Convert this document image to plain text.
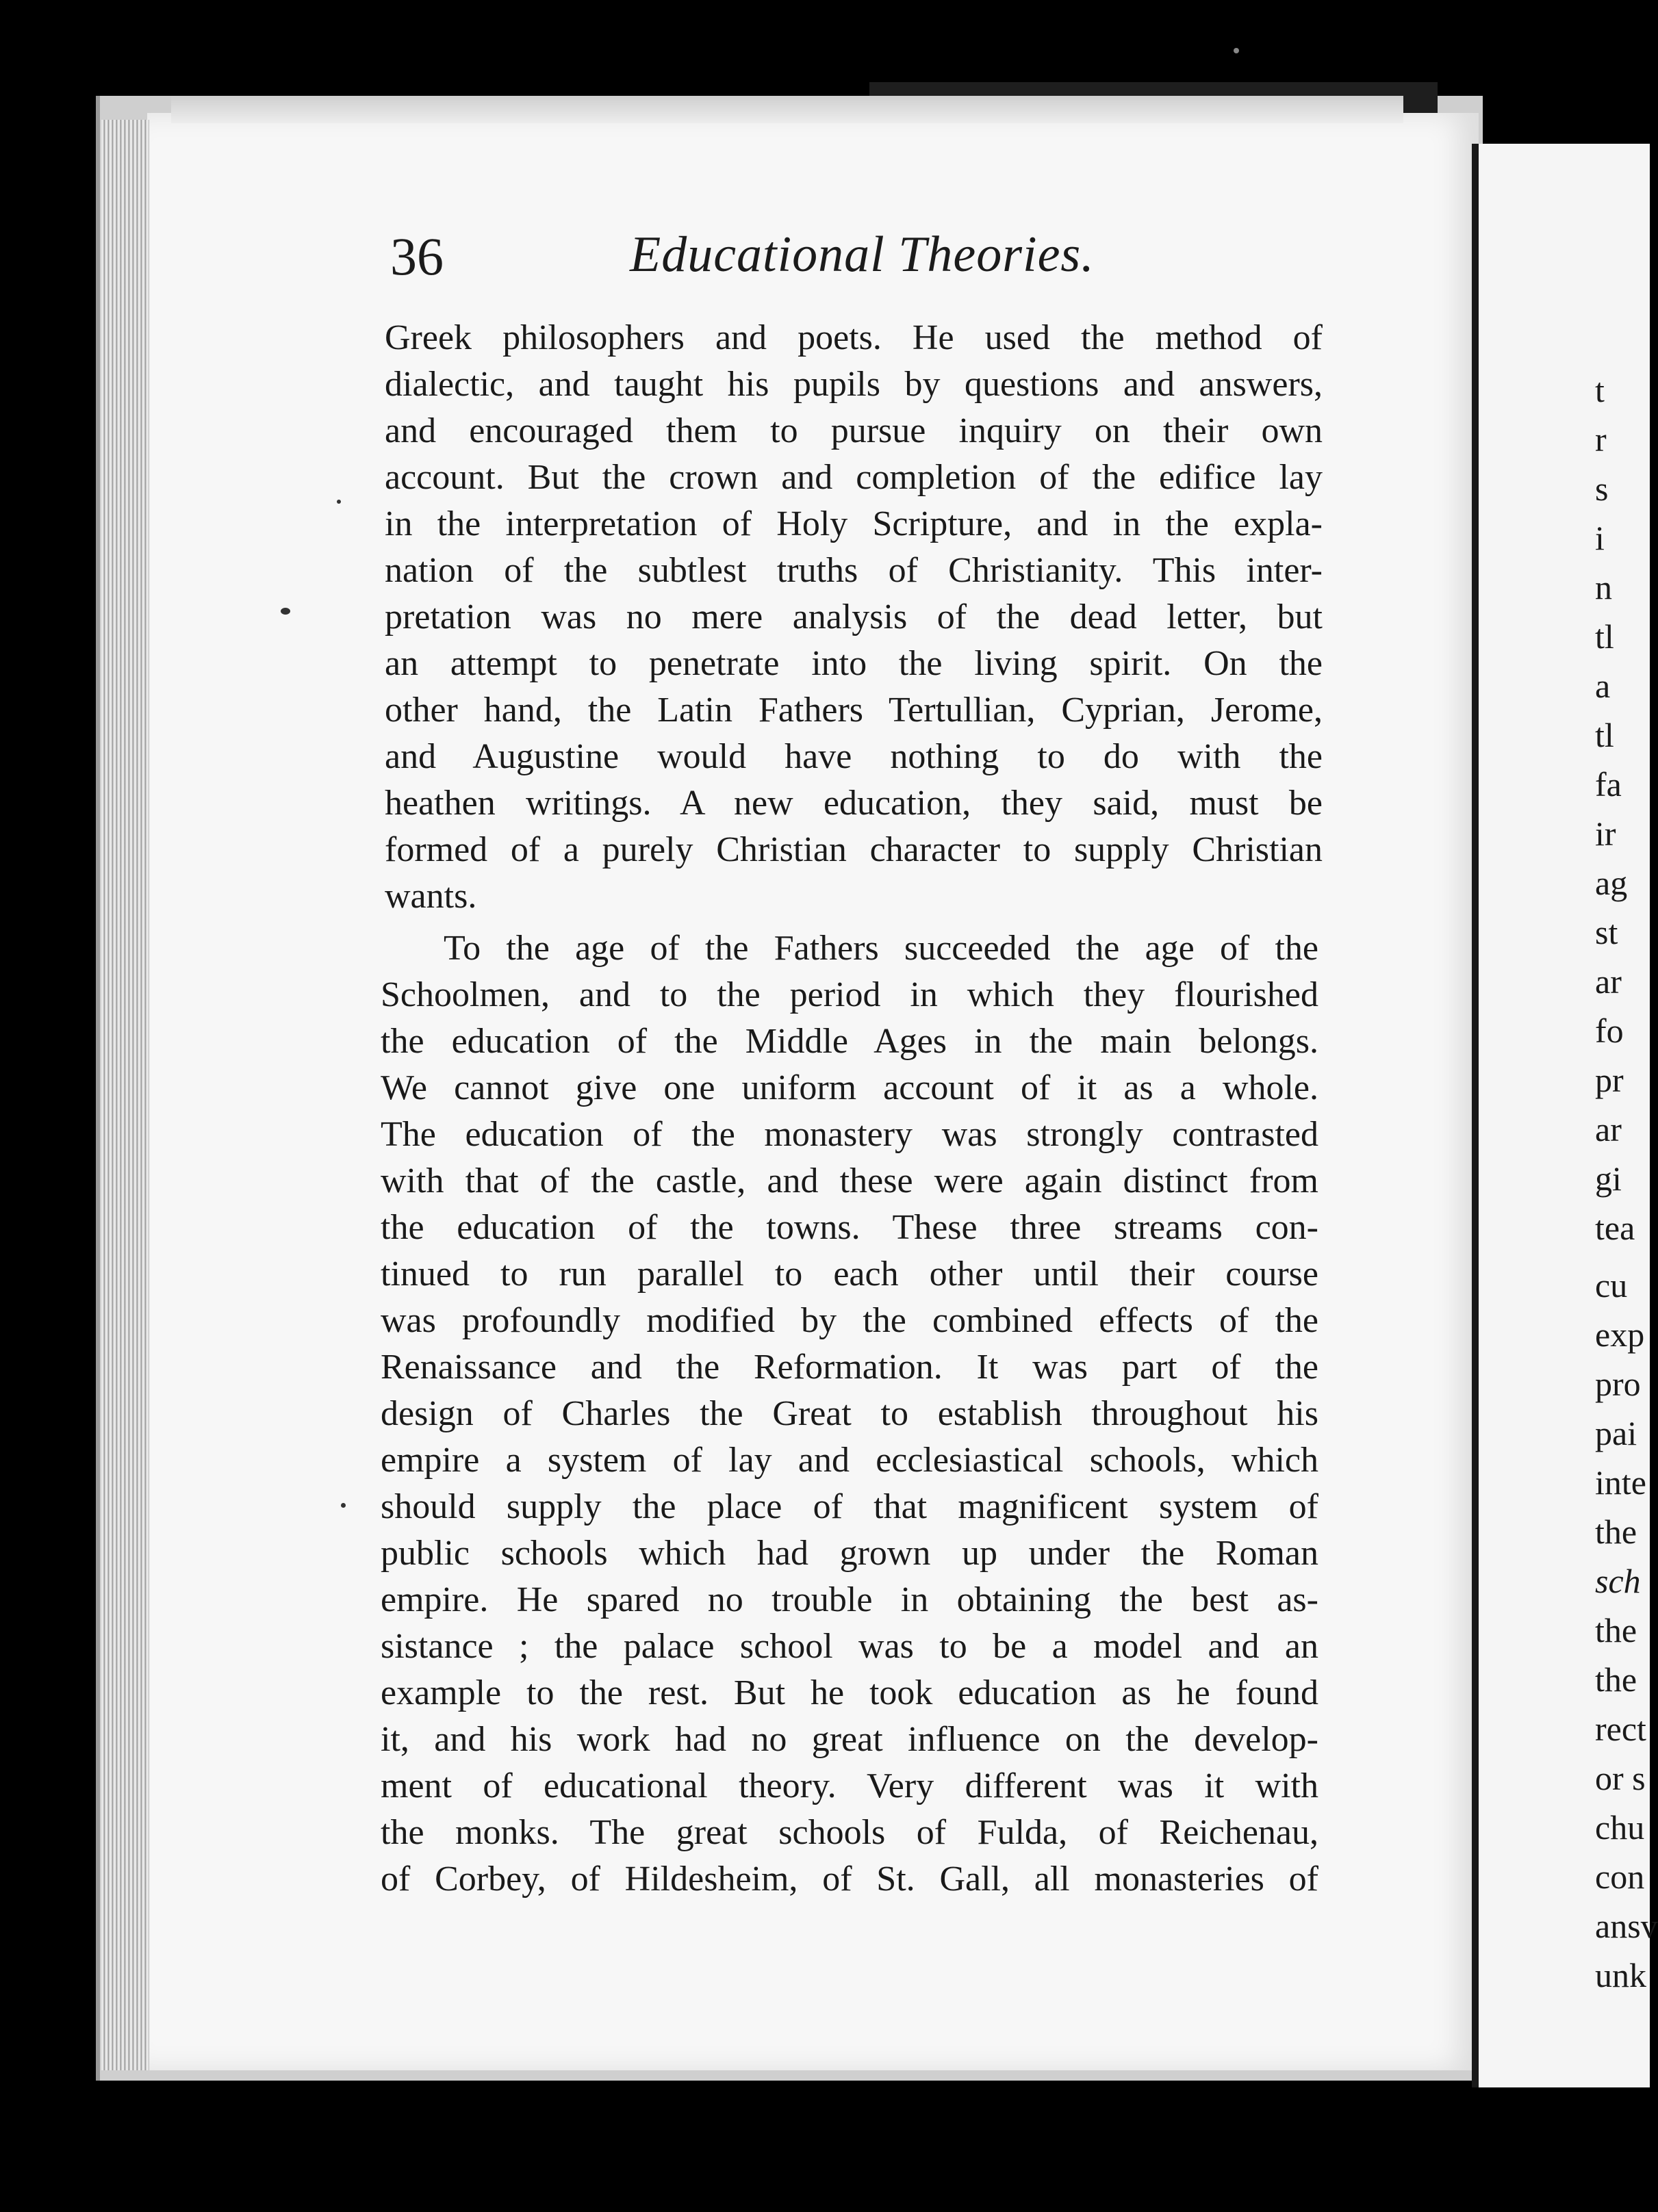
36	Educational Theories.
Greek philosophers and poets. He used the method of
dialectic, and taught his pupils by questions and answers,
and encouraged them to pursue inquiry on their own
account. But the crown and completion of the edifice lay
in the interpretation of Holy Scripture, and in the expla-
nation of the subtlest truths of Christianity. This inter-
pretation was no mere analysis of the dead letter, but
an attempt to penetrate into the living spirit. On the
other hand, the Latin Fathers Tertullian, Cyprian, Jerome,
and Augustine would have nothing to do with the
heathen writings. A new education, they said, must be
formed of a purely Christian character to supply Christian
wants.
To the age of the Fathers succeeded the age of the
Schoolmen, and to the period in which they flourished
the education of the Middle Ages in the main belongs.
We cannot give one uniform account of it as a whole.
The education of the monastery was strongly contrasted
with that of the castle, and these were again distinct from
the education of the towns. These three streams con-
tinued to run parallel to each other until their course
was profoundly modified by the combined effects of the
Renaissance and the Reformation. It was part of the
design of Charles the Great to establish throughout his
empire a system of lay and ecclesiastical schools, which
should supply the place of that magnificent system of
public schools which had grown up under the Roman
empire. He spared no trouble in obtaining the best as-
sistance ; the palace school was to be a model and an
example to the rest. But he took education as he found
it, and his work had no great influence on the develop-
ment of educational theory. Very different was it with
the monks. The great schools of Fulda, of Reichenau,
of Corbey, of Hildesheim, of St. Gall, all monasteries of
t
r
s
i
n
tl
a
tl
fa
ir
ag
st
ar
fo
pr
ar
gi
tea
cu
exp
pro
pai
inte
the
sch
the
the
rect
or s
chu
con
ansv
unk
